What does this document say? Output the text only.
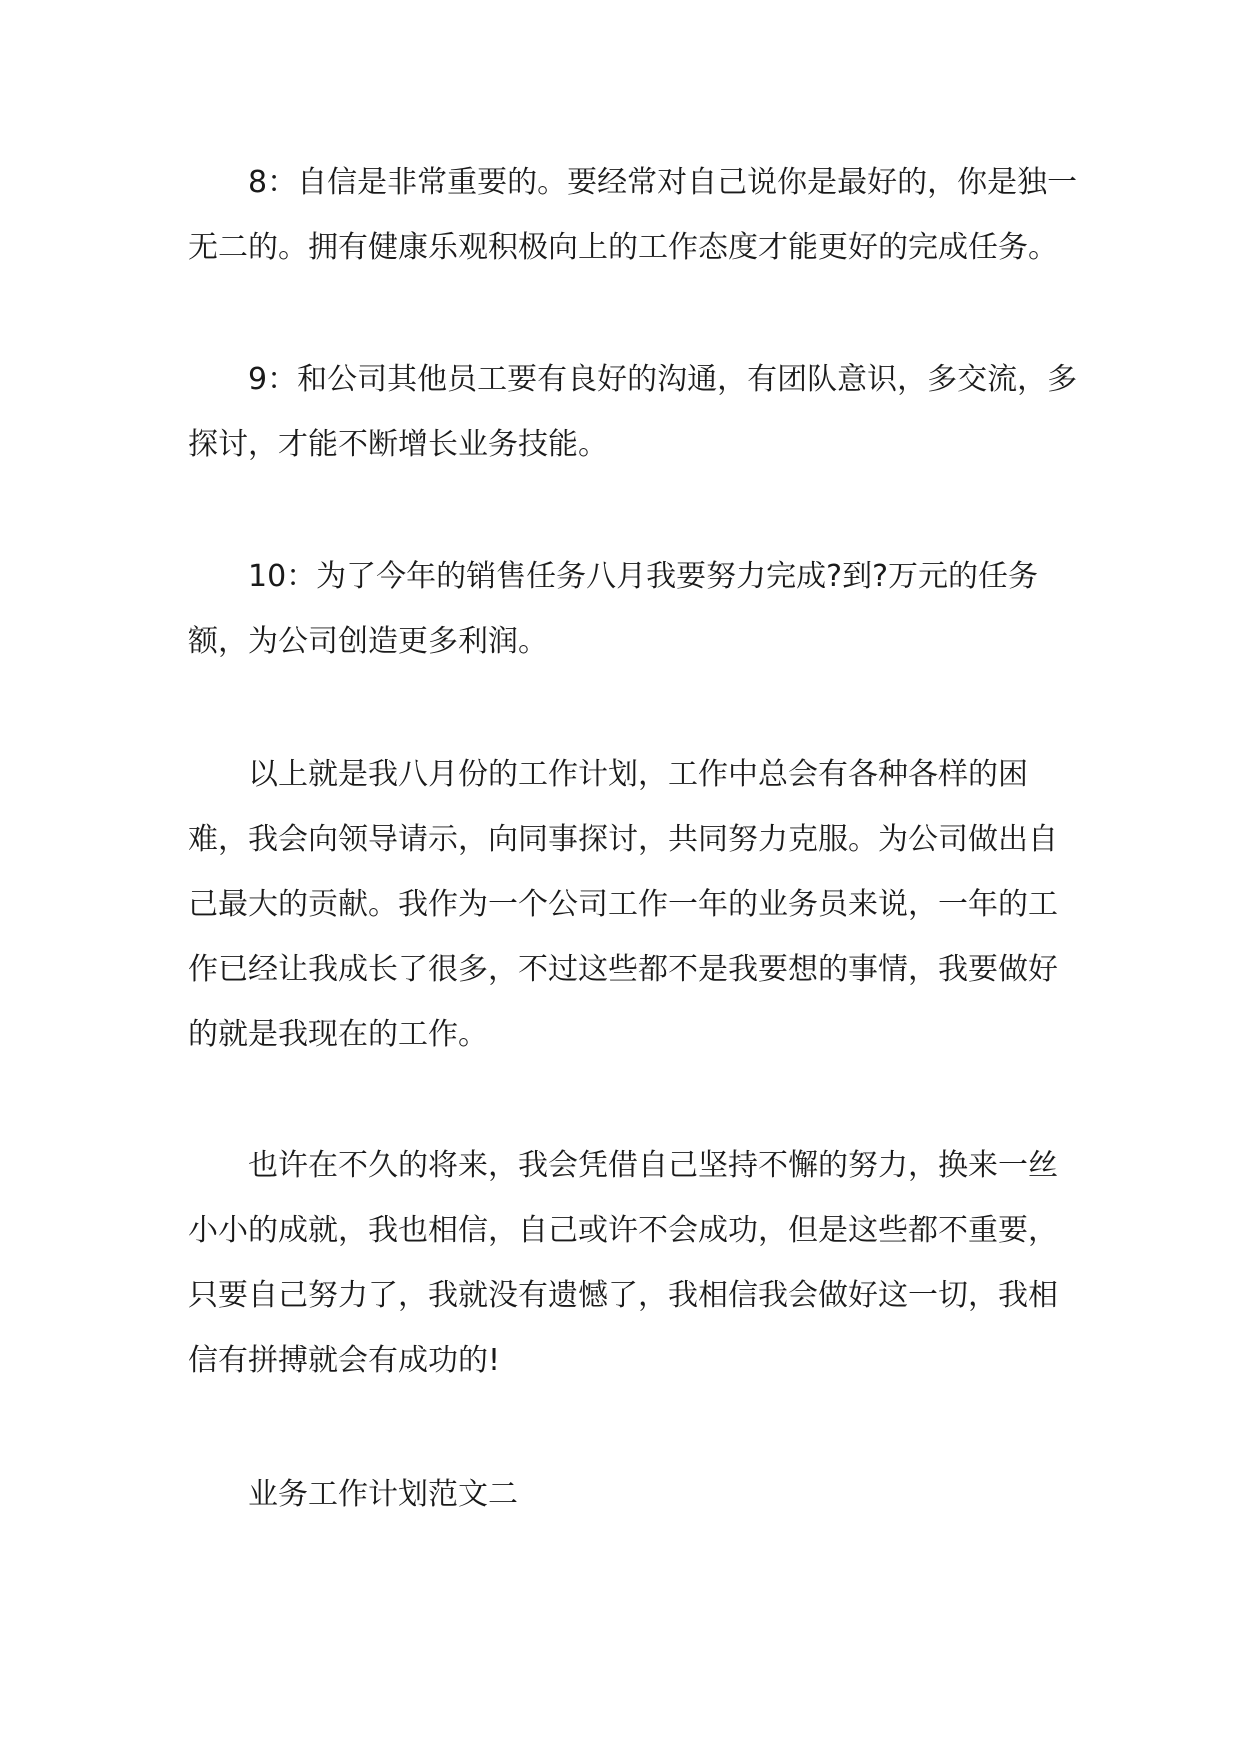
8：自信是非常重要的。要经常对自己说你是最好的，你是独一无二的。拥有健康乐观积极向上的工作态度才能更好的完成任务。

9：和公司其他员工要有良好的沟通，有团队意识，多交流，多探讨，才能不断增长业务技能。

10：为了今年的销售任务八月我要努力完成?到?万元的任务额，为公司创造更多利润。

以上就是我八月份的工作计划，工作中总会有各种各样的困难，我会向领导请示，向同事探讨，共同努力克服。为公司做出自己最大的贡献。我作为一个公司工作一年的业务员来说，一年的工作已经让我成长了很多，不过这些都不是我要想的事情，我要做好的就是我现在的工作。

也许在不久的将来，我会凭借自己坚持不懈的努力，换来一丝小小的成就，我也相信，自己或许不会成功，但是这些都不重要，只要自己努力了，我就没有遗憾了，我相信我会做好这一切，我相信有拼搏就会有成功的!

业务工作计划范文二
